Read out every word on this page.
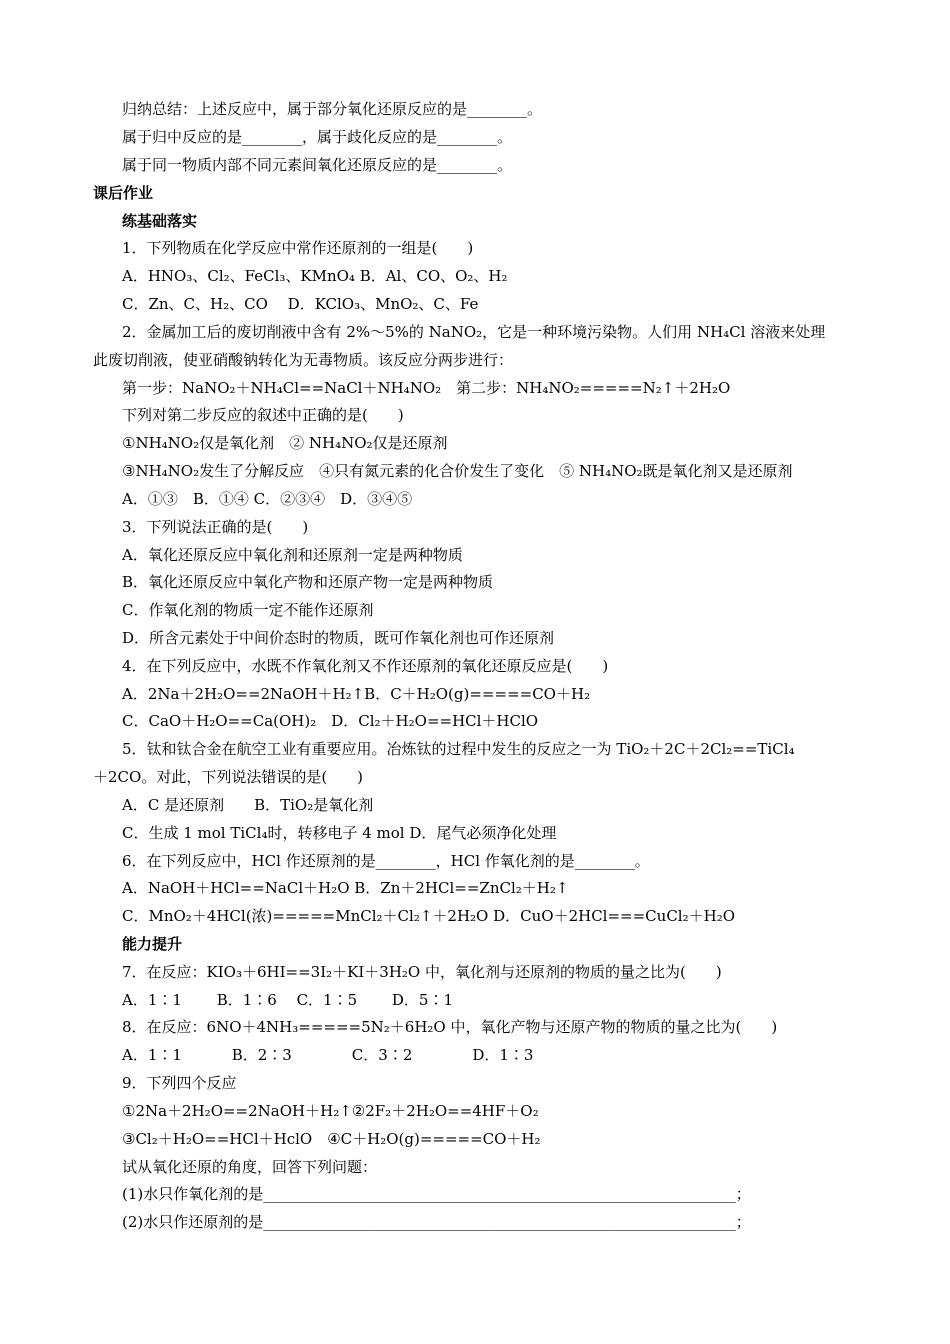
归纳总结：上述反应中，属于部分氧化还原反应的是________。
属于归中反应的是________，属于歧化反应的是________。
属于同一物质内部不同元素间氧化还原反应的是________。
课后作业
练基础落实
1．下列物质在化学反应中常作还原剂的一组是(　　)
A．HNO₃、Cl₂、FeCl₃、KMnO₄ B．Al、CO、O₂、H₂
C．Zn、C、H₂、CO　 D．KClO₃、MnO₂、C、Fe
2．金属加工后的废切削液中含有 2%～5%的 NaNO₂，它是一种环境污染物。人们用 NH₄Cl 溶液来处理
此废切削液，使亚硝酸钠转化为无毒物质。该反应分两步进行：
第一步：NaNO₂＋NH₄Cl==NaCl＋NH₄NO₂　第二步：NH₄NO₂=====N₂↑＋2H₂O
下列对第二步反应的叙述中正确的是(　　)
①NH₄NO₂仅是氧化剂　② NH₄NO₂仅是还原剂
③NH₄NO₂发生了分解反应　④只有氮元素的化合价发生了变化　⑤ NH₄NO₂既是氧化剂又是还原剂
A．①③　B．①④ C．②③④　D．③④⑤
3．下列说法正确的是(　　)
A．氧化还原反应中氧化剂和还原剂一定是两种物质
B．氧化还原反应中氧化产物和还原产物一定是两种物质
C．作氧化剂的物质一定不能作还原剂
D．所含元素处于中间价态时的物质，既可作氧化剂也可作还原剂
4．在下列反应中，水既不作氧化剂又不作还原剂的氧化还原反应是(　　)
A．2Na＋2H₂O==2NaOH＋H₂↑B．C＋H₂O(g)=====CO＋H₂
C．CaO＋H₂O==Ca(OH)₂　D．Cl₂＋H₂O==HCl＋HClO
5．钛和钛合金在航空工业有重要应用。冶炼钛的过程中发生的反应之一为 TiO₂＋2C＋2Cl₂==TiCl₄
＋2CO。对此，下列说法错误的是(　　)
A．C 是还原剂　　B．TiO₂是氧化剂
C．生成 1 mol TiCl₄时，转移电子 4 mol D．尾气必须净化处理
6．在下列反应中，HCl 作还原剂的是________，HCl 作氧化剂的是________。
A．NaOH＋HCl==NaCl＋H₂O B．Zn＋2HCl==ZnCl₂＋H₂↑
C．MnO₂＋4HCl(浓)=====MnCl₂＋Cl₂↑＋2H₂O D．CuO＋2HCl===CuCl₂＋H₂O
能力提升
7．在反应：KIO₃＋6HI==3I₂＋KI＋3H₂O 中，氧化剂与还原剂的物质的量之比为(　　)
A．1∶1　　 B．1∶6　 C．1∶5　　 D．5∶1
8．在反应：6NO＋4NH₃=====5N₂＋6H₂O 中，氧化产物与还原产物的物质的量之比为(　　)
A．1∶1　　　 B．2∶3　　　　C．3∶2　　　　D．1∶3
9．下列四个反应
①2Na＋2H₂O==2NaOH＋H₂↑②2F₂＋2H₂O==4HF＋O₂
③Cl₂＋H₂O==HCl＋HclO　④C＋H₂O(g)=====CO＋H₂
试从氧化还原的角度，回答下列问题：
(1)水只作氧化剂的是_______________________________________________________________；
(2)水只作还原剂的是_______________________________________________________________；
